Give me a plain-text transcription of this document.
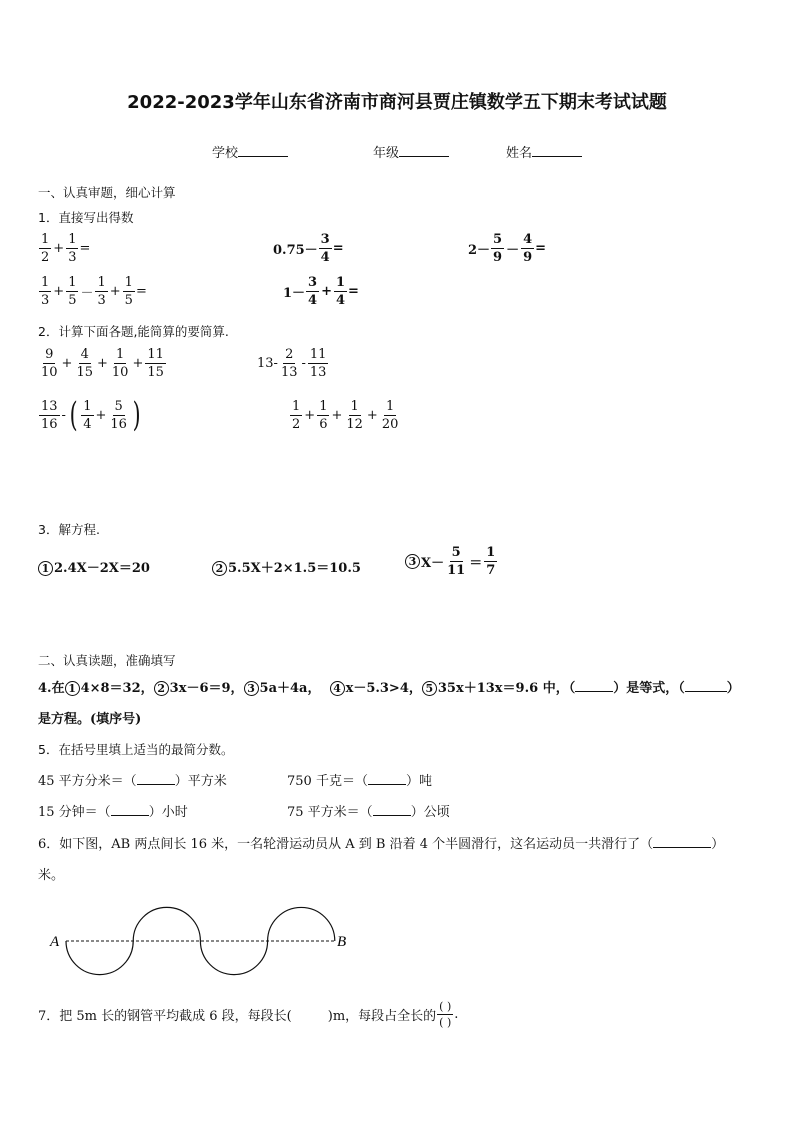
2022-2023学年山东省济南市商河县贾庄镇数学五下期末考试试题
学校	年级	姓名
一、认真审题，细心计算
1．直接写出得数
$\frac{1}{2} + \frac{1}{3}$ =	$0.75- \frac{3}{4}$ =	$2- \frac{5}{9} - \frac{4}{9}$ =
$\frac{1}{3} + \frac{1}{5} - \frac{1}{3} + \frac{1}{5}$ =	$1- \frac{3}{4} + \frac{1}{4}$ =
2．计算下面各题,能简算的要简算.
$\frac{9}{10} + \frac{4}{15} + \frac{1}{10} + \frac{11}{15}$	$13- \frac{2}{13} - \frac{11}{13}$
$\frac{13}{16}$ - ( $\frac{1}{4} + \frac{5}{16}$ )	$\frac{1}{2} + \frac{1}{6} + \frac{1}{12} + \frac{1}{20}$
3．解方程.
1 2.4X－2X＝20	2 5.5X＋2×1.5＝10.5	3 $X- \frac{5}{11} = \frac{1}{7}$
二、认真读题，准确填写
4.在 1 4×8＝32， 2 3x－6＝9， 3 5a＋4a， 4 x－5.3>4， 5 35x＋13x＝9.6 中，（	）是等式，（	）
是方程。(填序号)
5．在括号里填上适当的最简分数。
45 平方分米＝（	）平方米	750 千克＝（	）吨
15 分钟＝（	）小时	75 平方米＝（	）公顷
6．如下图，AB 两点间长 16 米，一名轮滑运动员从 A 到 B 沿着 4 个半圆滑行，这名运动员一共滑行了（	）
米。
A	B
7．把 5m 长的钢管平均截成 6 段，每段长(	)m，每段占全长的 $\frac{( )}{( )}$ .
